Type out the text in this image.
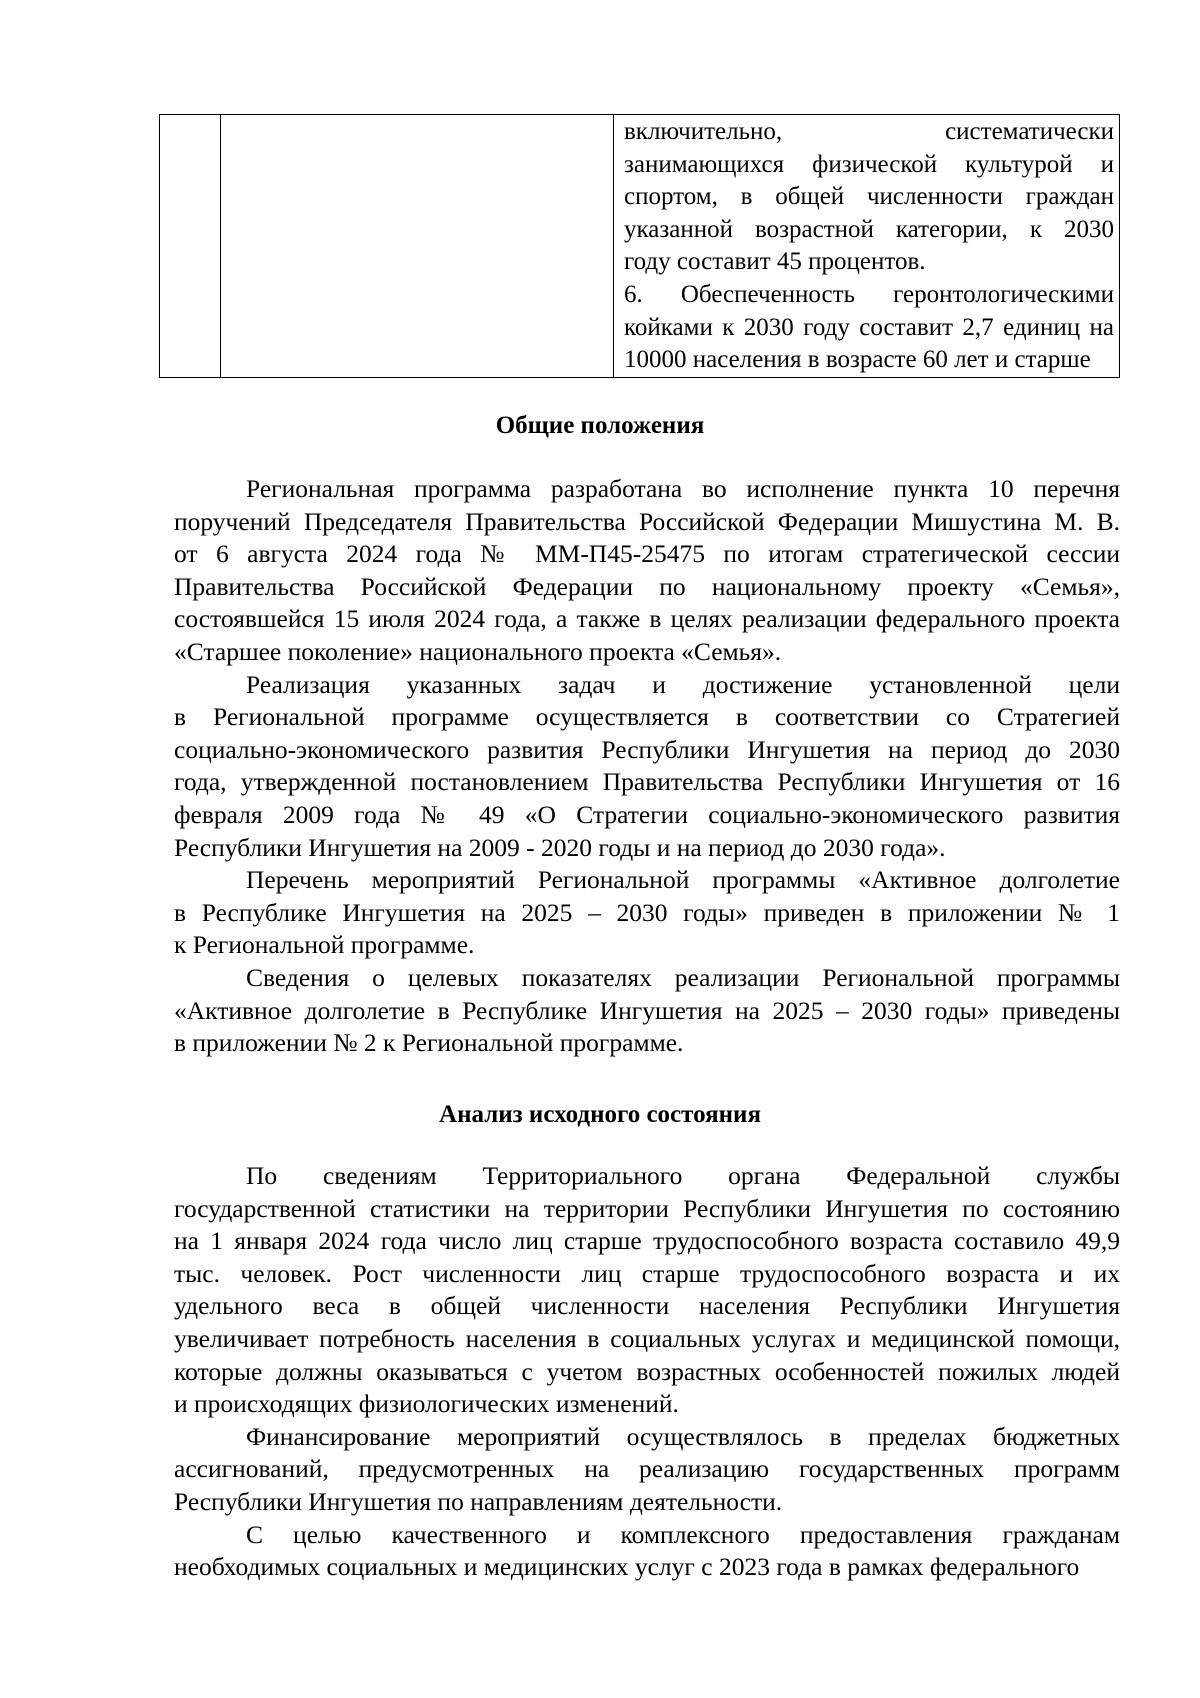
включительно, систематически
занимающихся физической культурой и
спортом, в общей численности граждан
указанной возрастной категории, к 2030
году составит 45 процентов.
6. Обеспеченность геронтологическими
койками к 2030 году составит 2,7 единиц на
10000 населения в возрасте 60 лет и старше
Общие положения
Региональная программа разработана во исполнение пункта 10 перечня
поручений Председателя Правительства Российской Федерации Мишустина М. В.
от 6 августа 2024 года № ММ-П45-25475 по итогам стратегической сессии
Правительства Российской Федерации по национальному проекту «Семья»,
состоявшейся 15 июля 2024 года, а также в целях реализации федерального проекта
«Старшее поколение» национального проекта «Семья».
Реализация указанных задач и достижение установленной цели
в Региональной программе осуществляется в соответствии со Стратегией
социально-экономического развития Республики Ингушетия на период до 2030
года, утвержденной постановлением Правительства Республики Ингушетия от 16
февраля 2009 года № 49 «О Стратегии социально-экономического развития
Республики Ингушетия на 2009 - 2020 годы и на период до 2030 года».
Перечень мероприятий Региональной программы «Активное долголетие
в Республике Ингушетия на 2025 – 2030 годы» приведен в приложении № 1
к Региональной программе.
Сведения о целевых показателях реализации Региональной программы
«Активное долголетие в Республике Ингушетия на 2025 – 2030 годы» приведены
в приложении № 2 к Региональной программе.
Анализ исходного состояния
По сведениям Территориального органа Федеральной службы
государственной статистики на территории Республики Ингушетия по состоянию
на 1 января 2024 года число лиц старше трудоспособного возраста составило 49,9
тыс. человек. Рост численности лиц старше трудоспособного возраста и их
удельного веса в общей численности населения Республики Ингушетия
увеличивает потребность населения в социальных услугах и медицинской помощи,
которые должны оказываться с учетом возрастных особенностей пожилых людей
и происходящих физиологических изменений.
Финансирование мероприятий осуществлялось в пределах бюджетных
ассигнований, предусмотренных на реализацию государственных программ
Республики Ингушетия по направлениям деятельности.
С целью качественного и комплексного предоставления гражданам
необходимых социальных и медицинских услуг с 2023 года в рамках федерального
